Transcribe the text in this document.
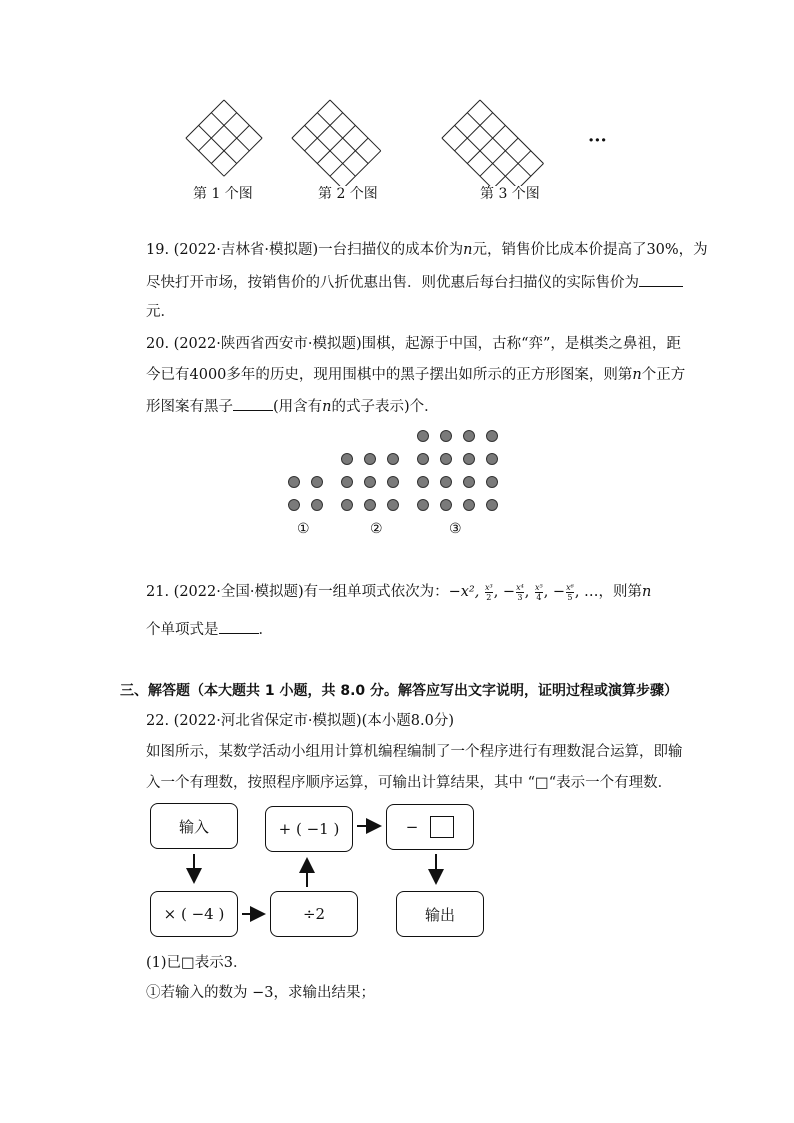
第 1 个图	第 2 个图	第 3 个图
···
19. (2022·吉林省·模拟题)一台扫描仪的成本价为n元，销售价比成本价提高了30%，为
尽快打开市场，按销售价的八折优惠出售．则优惠后每台扫描仪的实际售价为
元．
20. (2022·陕西省西安市·模拟题)围棋，起源于中国，古称“弈”，是棋类之鼻祖，距
今已有4000多年的历史，现用围棋中的黑子摆出如所示的正方形图案，则第n个正方
形图案有黑子	(用含有n的式子表示)个．
①	②	③
21. (2022·全国·模拟题)有一组单项式依次为：−x², $\frac{\text{x³}}{2}$ , − $\frac{\text{x⁴}}{3}$ , $\frac{\text{x⁵}}{4}$ , − $\frac{\text{x⁶}}{5}$ , …，则第n
个单项式是	．
三、解答题（本大题共 1 小题，共 8.0 分。解答应写出文字说明，证明过程或演算步骤）
22. (2022·河北省保定市·模拟题)(本小题8.0分)
如图所示，某数学活动小组用计算机编程编制了一个程序进行有理数混合运算，即输
入一个有理数，按照程序顺序运算，可输出计算结果，其中 “□“表示一个有理数．
输入
× ( −4 )	÷2
+ ( −1 )	−
输出
(1)已□表示3．
①若输入的数为 −3，求输出结果；
